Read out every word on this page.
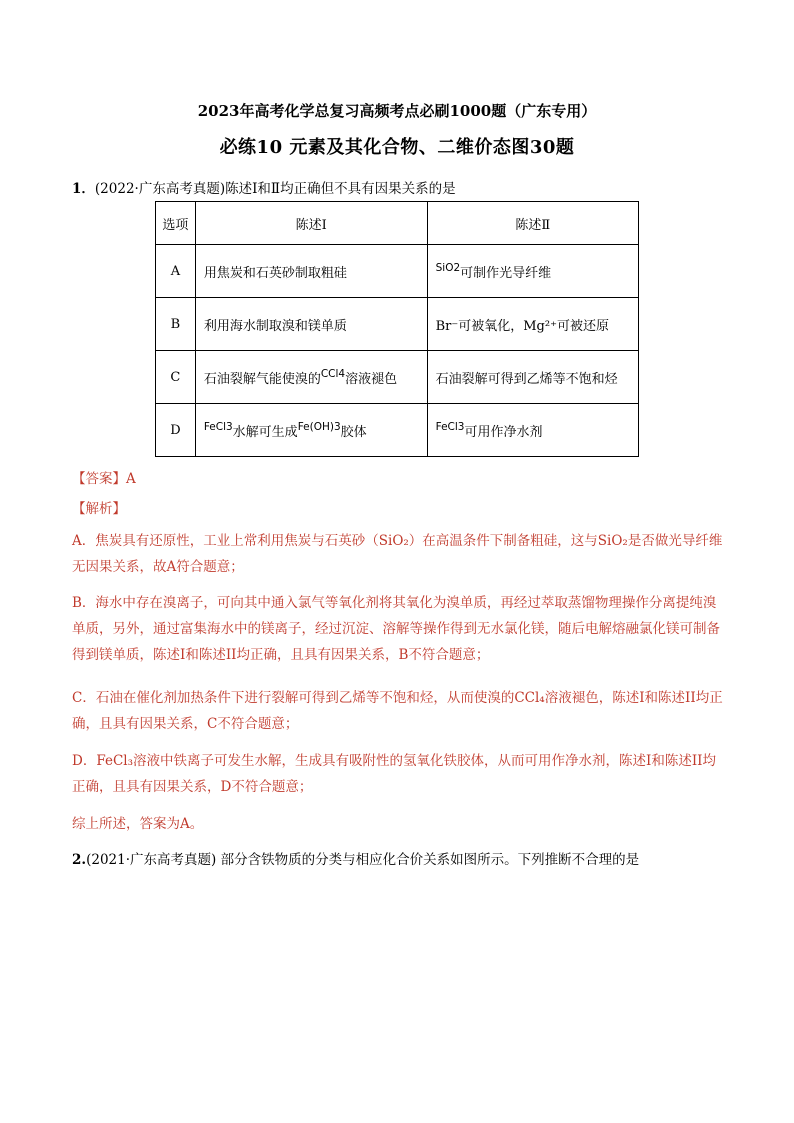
2023年高考化学总复习高频考点必刷1000题（广东专用）
必练10 元素及其化合物、二维价态图30题
1．(2022·广东高考真题)陈述Ⅰ和Ⅱ均正确但不具有因果关系的是
选项	陈述Ⅰ	陈述Ⅱ
A	用焦炭和石英砂制取粗硅	$^{SiO2}$可制作光导纤维
B	利用海水制取溴和镁单质	Br⁻可被氧化，Mg²⁺可被还原
C	石油裂解气能使溴的$^{CCl4}$溶液褪色	石油裂解可得到乙烯等不饱和烃
D	$^{FeCl3}$水解可生成$^{Fe(OH)3}$胶体	$^{FeCl3}$可用作净水剂
【答案】A
【解析】
A．焦炭具有还原性，工业上常利用焦炭与石英砂（SiO₂）在高温条件下制备粗硅，这与SiO₂是否做光导纤维无因果关系，故A符合题意；
B．海水中存在溴离子，可向其中通入氯气等氧化剂将其氧化为溴单质，再经过萃取蒸馏物理操作分离提纯溴单质，另外，通过富集海水中的镁离子，经过沉淀、溶解等操作得到无水氯化镁，随后电解熔融氯化镁可制备得到镁单质，陈述I和陈述II均正确，且具有因果关系，B不符合题意；
C．石油在催化剂加热条件下进行裂解可得到乙烯等不饱和烃，从而使溴的CCl₄溶液褪色，陈述I和陈述II均正确，且具有因果关系，C不符合题意；
D．FeCl₃溶液中铁离子可发生水解，生成具有吸附性的氢氧化铁胶体，从而可用作净水剂，陈述I和陈述II均正确，且具有因果关系，D不符合题意；
综上所述，答案为A。
2.(2021·广东高考真题) 部分含铁物质的分类与相应化合价关系如图所示。下列推断不合理的是
